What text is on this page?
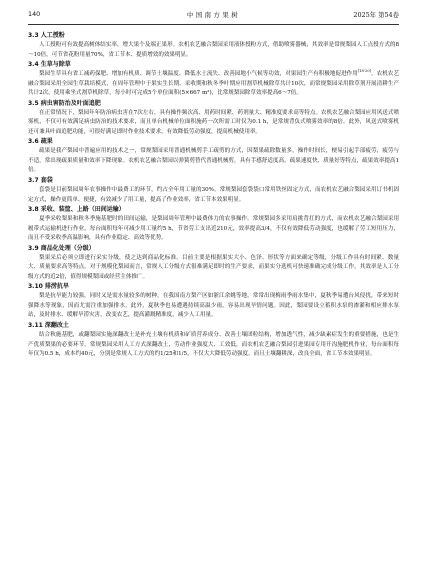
140	中国南方果树	2025年 第54卷
3.3 人工授粉

人工授粉可有效提高树体结实率，增大果个及端正果形。农机农艺融合梨园采用液体授粉方式，借助喷雾器械，其效率是常规梨园人工点授方式的8～10倍，可节省花粉用量70%，省工节本、提质增效的效果明显。

3.4 生草与除草

梨园生草具有省工减药保肥、增加有机质、调节土壤温度、降低水土流失、改善园地小气候等功效，对果园生产有积极地促进作用[18-20]。农机农艺融合梨园采用全园生草栽培模式，在周年管理中于果实生长期、采收期和秋冬季叶期应用割草机械除草共计10次，而常规梨园采用除草剂开展清耕生产共计2次，使用乘坐式割草机除草，每小时可完成5个单位面积(5×667 m²)，比常规梨园除草效率提高6～7倍。

3.5 病虫害防治及叶面追肥

在正常情况下，梨园年年防治病虫害在7次左右，具有操作频次高、用药时间紧、药剂量大、精准度要求高等特点。农机农艺融合梨园应用风送式喷雾机，不仅可有效满足病虫防治的技术要求，而且单台机械单位面积施药一次所需工时仅为0.1 h，是常规背负式喷雾效率的8倍。此外，风送式喷雾机还可兼具叶面追肥功能，可很好满足即时作业技术要求，有效降低劳动强度，提高机械使用率。

3.6 疏果

疏果是我产梨园中普遍应用的技术之一，常规梨园采用普通机械剪手工疏剪的方式，因梨果疏除数量多，操作时间长，梗易引起手部疲劳，疲劳与不适，常出现疏果质量和效率下降现象。农机农艺融合梨园以弹簧剪替代普通机械剪，具有手感舒适度高，疏果速度快、质量好等特点，疏果效率提高1倍。

3.7 套袋

套袋是目前梨园周年农事操作中最费工的环节，约占全年用工量的30%。常规梨园套袋袋口常用铁丝固定方式，而农机农艺融合梨园采用订书机固定方式，操作更简单、便捷，有效减少了用工量，提高了作业效率，省工节本效果明显。

3.8 采收、装筐、上路（田间运输）

夏季采收梨果和秋冬季施基肥时的田间运输，是梨园周年管理中最费体力的农事操作。常规梨园多采用肩挑背扛的方式，而农机农艺融合梨园采用履带式运输机进行作业，每台面积每年可减少用工量约5 h，节省劳工支出近210元，效率提高3/4，不仅有效降低劳动强度，也缓解了劳工短用压力，而且不受采收季高温影响，具有作业稳定、高效等优势。

3.9 商品化处理（分级）

梨果采后必须立即进行采实分级，使之达到商品化标准。目前主要是根据果实大小、色泽、形状等方面来确定等级，分级工作具有时间紧、数量大、质量要求高等特点。对于规模化梨园而言，常规人工分级方式很难满足即时的生产要求，而果实分选机可快速准确完成分级工作，其效率是人工分级方式的近2倍，值得规模梨园或经营主体推广。

3.10 排涝抗旱

梨是抗旱能力较强，同时又是需水量较多的树种。在我国南方梨产区如浙江余姚等地，常常出现梅雨季雨水集中，夏秋季易遭台风侵扰，带来短时强降水等现象，因而尤需注重加强排水。此外，夏秋季也易遭遇持续高温少雨，容易出现旱情问题。因此，梨园要设立蓄积水泵的渗灌和相应排水泵站，及时排水、缓解旱涝灾害，改变农艺，提高灌溉精准度，减少人工用量。

3.11 深翻改土

结合秋施基肥，或翻梨园实施深翻改土是补充土壤有机质和矿质营养成分、改善土壤团粒结构，增加透气性，减少缺素症发生的重要措施，也是生产优质梨果的必要环节。常规梨园采用人工方式深翻改土，劳动作业强度大、工效低，而农机农艺融合梨园引进果园专用开沟施肥机作业，每台面积每年仅为0.5 h，成本约40元，分别是常规人工方式的约1/25和1/5，不仅大大降低劳动强度，而且土壤翻耕深，改良全面，省工节本效果明显。
